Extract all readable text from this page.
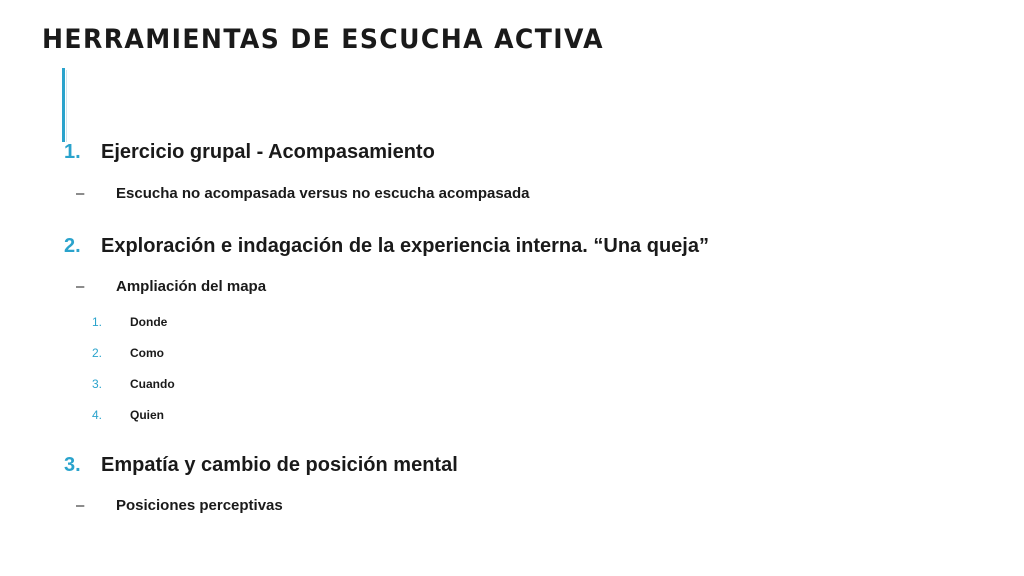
HERRAMIENTAS DE ESCUCHA ACTIVA
1. Ejercicio grupal - Acompasamiento
– Escucha no acompasada versus no escucha acompasada
2. Exploración e indagación de la experiencia interna. “Una queja”
– Ampliación del mapa
1. Donde
2. Como
3. Cuando
4. Quien
3. Empatía y cambio de posición mental
– Posiciones perceptivas
